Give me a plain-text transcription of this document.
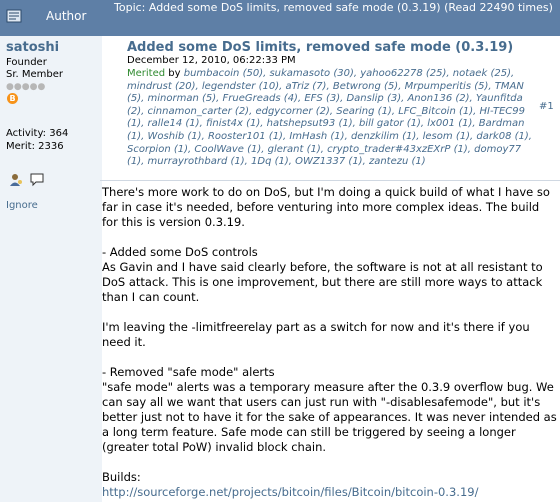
Author
Topic: Added some DoS limits, removed safe mode (0.3.19) (Read 22490 times)
satoshi
Founder
Sr. Member
●●●●●
B
Activity: 364
Merit: 2336
Ignore
Added some DoS limits, removed safe mode (0.3.19)
December 12, 2010, 06:22:33 PM
#1
Merited by bumbacoin (50), sukamasoto (30), yahoo62278 (25), notaek (25), mindrust (20), legendster (10), aTriz (7), Betwrong (5), Mrpumperitis (5), TMAN (5), minorman (5), FrueGreads (4), EFS (3), Danslip (3), Anon136 (2), Yaunfitda (2), cinnamon_carter (2), edgycorner (2), Searing (1), LFC_Bitcoin (1), HI-TEC99 (1), ralle14 (1), finist4x (1), hatshepsut93 (1), bill gator (1), lx001 (1), Bardman (1), Woshib (1), Rooster101 (1), ImHash (1), denzkilim (1), lesom (1), dark08 (1), Scorpion (1), CoolWave (1), glerant (1), crypto_trader#43xzEXrP (1), domoy77 (1), murrayrothbard (1), 1Dq (1), OWZ1337 (1), zantezu (1)

There's more work to do on DoS, but I'm doing a quick build of what I have so far in case it's needed, before venturing into more complex ideas. The build for this is version 0.3.19.

- Added some DoS controls

As Gavin and I have said clearly before, the software is not at all resistant to DoS attack. This is one improvement, but there are still more ways to attack than I can count.

I'm leaving the -limitfreerelay part as a switch for now and it's there if you need it.

- Removed "safe mode" alerts

"safe mode" alerts was a temporary measure after the 0.3.9 overflow bug. We can say all we want that users can just run with "-disablesafemode", but it's better just not to have it for the sake of appearances. It was never intended as a long term feature. Safe mode can still be triggered by seeing a longer (greater total PoW) invalid block chain.

Builds:

http://sourceforge.net/projects/bitcoin/files/Bitcoin/bitcoin-0.3.19/
